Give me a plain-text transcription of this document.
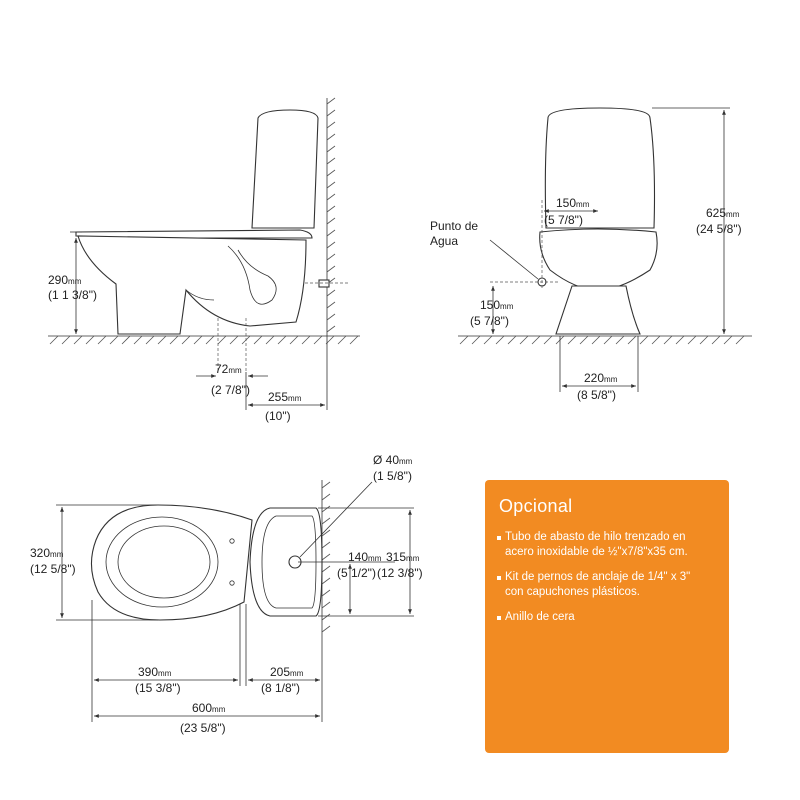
290mm
(1 1 3/8")
72mm
(2 7/8") 255mm
(10")
Punto de
Agua
150mm
(5 7/8")
150mm
(5 7/8")
625mm
(24 5/8")
220mm
(8 5/8")
Ø 40mm
(1 5/8")
320mm
(12 5/8")
140mm
(5 1/2")
315mm
(12 3/8")
390mm
(15 3/8")
205mm
(8 1/8")
600mm
(23 5/8")
Opcional
Tubo de abasto de hilo trenzado en
acero inoxidable de ½"x7/8"x35 cm.
Kit de pernos de anclaje de 1/4" x 3"
con capuchones plásticos.
Anillo de cera
